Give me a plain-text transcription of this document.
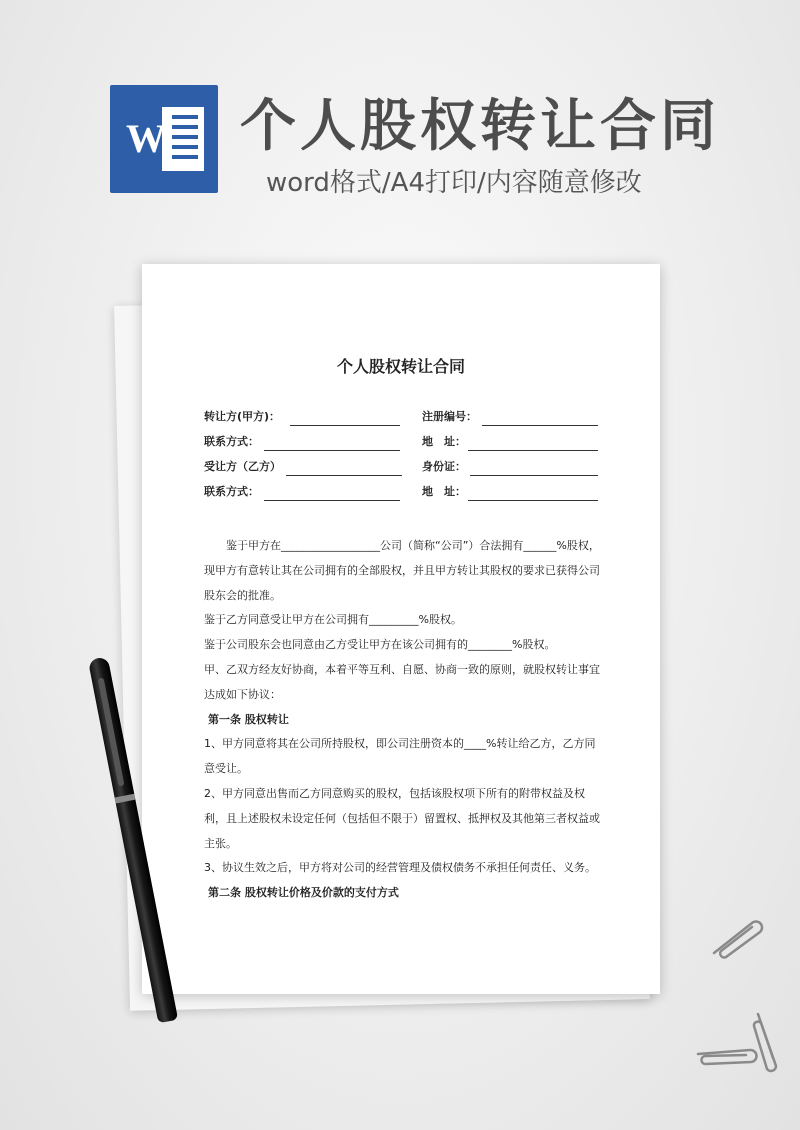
W 个人股权转让合同
word格式/A4打印/内容随意修改
个人股权转让合同
转让方(甲方)：	注册编号：
联系方式：	地　址：
受让方（乙方）	身份证：
联系方式：	地　址：

鉴于甲方在__________________公司（简称“公司”）合法拥有______%股权，现甲方有意转让其在公司拥有的全部股权，并且甲方转让其股权的要求已获得公司股东会的批准。

鉴于乙方同意受让甲方在公司拥有_________%股权。

鉴于公司股东会也同意由乙方受让甲方在该公司拥有的________%股权。

甲、乙双方经友好协商，本着平等互利、自愿、协商一致的原则，就股权转让事宜达成如下协议：

第一条 股权转让

1、甲方同意将其在公司所持股权，即公司注册资本的____%转让给乙方，乙方同意受让。

2、甲方同意出售而乙方同意购买的股权，包括该股权项下所有的附带权益及权利，且上述股权未设定任何（包括但不限于）留置权、抵押权及其他第三者权益或主张。

3、协议生效之后，甲方将对公司的经营管理及债权债务不承担任何责任、义务。

第二条 股权转让价格及价款的支付方式
